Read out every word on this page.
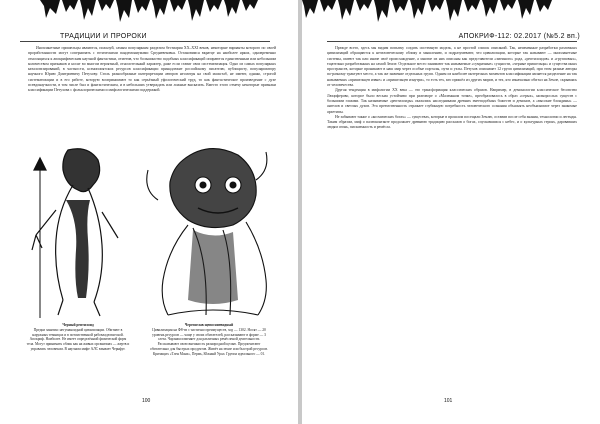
ТРАДИЦИИ И ПРОРОКИ

Инопланетные пришельцы являются, пожалуй, самым популярным разделом бестиария XX–XXI веков, некоторые варианты которого по своей проработанности могут соперничать с готическими пандемониумами Средневековья. Остановимся вкратце на наиболее ярких, одновременно относящихся к апокрифическим научной фантастики, отметив, что большинство подобных классификаций опираются единственным или небольшим количеством признаков и носят во многом вероятный, относительный характер, даже если ставят свои систематизация. Одно из самых популярных каталогизирований, в частности, ксенопоиятских ресурсов классификации принадлежит российскому писателю, публицисту, популяризатору научного Юрию Дмитриевичу Петухову. Столь разнообразные интерпретации авторов несмотря на свой масштаб, не имеют, однако, строгой систематизации и в его работе, которую воспринимают то как серьёзный уфологический труд, то как фантастическое произведение с духе псевдонаучности, в том числе был и фантастическим, и в небольших утверждать или ложные высказать. Вместо этого отмечу некоторые признаки классификации Петухова с фольклорическими и мифологическими поддержкой.

Черный рептилоид
Предки занятия: негуманоидной цивилизации. Обитают в наружных темницах и в потомственной рабовладельческой. Апокриф. Наиболее. Не имеет определённой физической форм тела. Могут принимать облик как на живых организмах — жертв и управлять человеком. В научном мифе АЛС взывает Чернфуг.
Черепоглав щепосниевидный
Цивилизация на Ф8-ти с частично преимуществ, ход — 1302. Носят — 20 уровень ресурсов — чаще у своих обитателей, рассказывают в форме — 3 слеза. Чарзнам изменяет для различных ремёсленой деятельности. Рассказывают свою внешность разнородной целью. Предпочитают обитательно для быстрых продуктов. Живёт на земле или быстрой ресурсов. Кричащих «Тлен Манх», Пермь, Южный Урал. Группа идеального — 01.
100
АПОКРИФ-112: 02.2017 (№5.2 вп.)

Прежде всего, здесь мы видим попытку создать системную модель, а не простой список описаний. Так, неизменные разработки различных цивилизаций обращаются к нечеловеческому облику и мышлению, и подразумевают, что цивилизации, которые так называют — инопланетные системы, имеют так или иначе своё происхождение, а многие из них описаны как представители «змеиного» рода, «рептилоидов» и «групповых», тщательно разработанных на самой Земле. Отдельное место занимают так называемые «сумрачные» сущности, «черные пришельцы» и существа иных пространств, которые проникают в наш мир через особые порталы, пути и узлы. Петухов описывает 12 групп цивилизаций, при этом разные авторы по-разному трактуют место, а так же значение отдельных групп. Одним из наиболее интересных моментов классификации является разделение на так называемых «пришельцев извне» и «пришельцев изнутри», то есть тех, кто пришёл из других миров, и тех, кто изначально обитал на Земле, скрываясь от человечества.

Другая тенденция в мифологии XX века — это трансформация классических образов. Например, в демонологии классическое бесовство Люциферово, которое было весьма устойчиво при разговоре о «Маленьком точке», преобразовалось в образ «серых», низкорослых существ с большими глазами. Так называемые «рептилоиды» оказались наследниками древних змееподобных божеств и демонов, а «высокие блондины» — ангелов и светлых духов. Эта преемственность отражает глубинную потребность человеческого сознания объяснять необъяснимое через знакомые архетипы.

Не забывают также о «космических богах» — существах, которые в прошлом посещали Землю, оставив после себя знания, технологии и легенды. Таким образом, миф о палеоконтакте продолжает древнюю традицию рассказов о богах, спускавшихся с небес, и о культурных героях, даровавших людям огонь, письменность и ремёсла.

101
